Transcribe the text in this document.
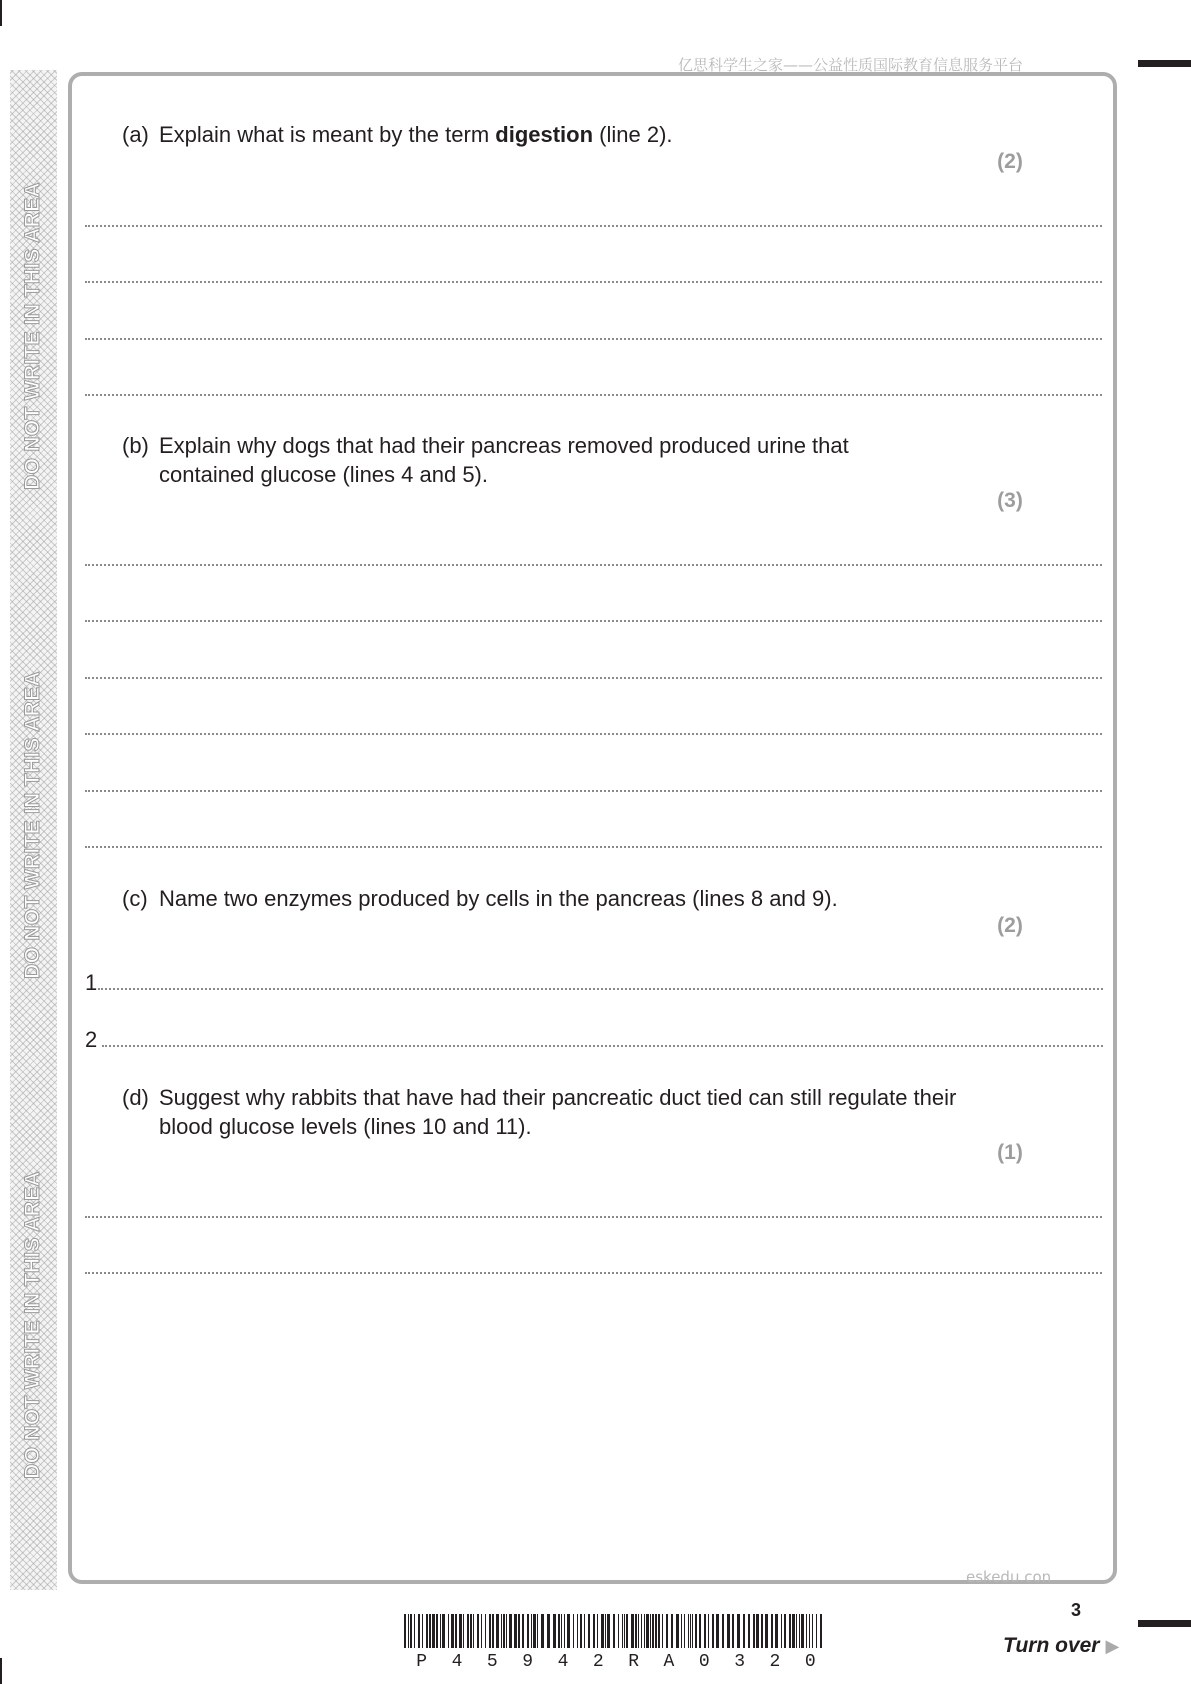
DO NOT WRITE IN THIS AREA
DO NOT WRITE IN THIS AREA
DO NOT WRITE IN THIS AREA
亿思科学生之家——公益性质国际教育信息服务平台
(a) Explain what is meant by the term digestion (line 2).
(2)
(b) Explain why dogs that had their pancreas removed produced urine that
contained glucose (lines 4 and 5).
(3)
(c) Name two enzymes produced by cells in the pancreas (lines 8 and 9).
(2)
1
2
(d) Suggest why rabbits that have had their pancreatic duct tied can still regulate their
blood glucose levels (lines 10 and 11).
(1)
eskedu.con
3
P 4 5 9 4 2 R A 0 3 2 0
Turn over ▶
